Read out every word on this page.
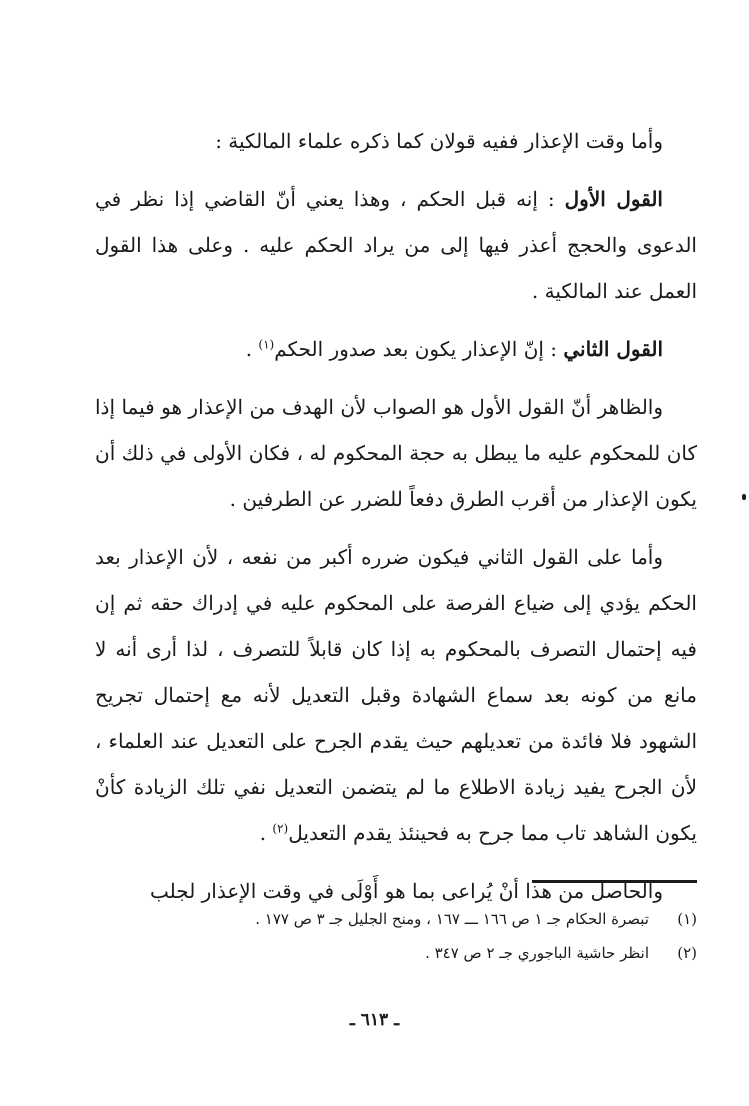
وأما وقت الإعذار ففيه قولان كما ذكره علماء المالكية :

القول الأول : إنه قبل الحكم ، وهذا يعني أنّ القاضي إذا نظر في الدعوى والحجج أعذر فيها إلى من يراد الحكم عليه . وعلى هذا القول العمل عند المالكية .

القول الثاني : إنّ الإعذار يكون بعد صدور الحكم$^{(١)}$ .

والظاهر أنّ القول الأول هو الصواب لأن الهدف من الإعذار هو فيما إذا كان للمحكوم عليه ما يبطل به حجة المحكوم له ، فكان الأولى في ذلك أن يكون الإعذار من أقرب الطرق دفعاً للضرر عن الطرفين .

وأما على القول الثاني فيكون ضرره أكبر من نفعه ، لأن الإعذار بعد الحكم يؤدي إلى ضياع الفرصة على المحكوم عليه في إدراك حقه ثم إن فيه إحتمال التصرف بالمحكوم به إذا كان قابلاً للتصرف ، لذا أرى أنه لا مانع من كونه بعد سماع الشهادة وقبل التعديل لأنه مع إحتمال تجريح الشهود فلا فائدة من تعديلهم حيث يقدم الجرح على التعديل عند العلماء ، لأن الجرح يفيد زيادة الاطلاع ما لم يتضمن التعديل نفي تلك الزيادة كأنْ يكون الشاهد تاب مما جرح به فحينئذ يقدم التعديل$^{(٢)}$ .

والحاصل من هذا أنْ يُراعى بما هو أَوْلَى في وقت الإعذار لجلب

(١)تبصرة الحكام جـ ١ ص ١٦٦ ـــ ١٦٧ ، ومنح الجليل جـ ٣ ص ١٧٧ .
(٢)انظر حاشية الباجوري جـ ٢ ص ٣٤٧ .
ـ ٦١٣ ـ
